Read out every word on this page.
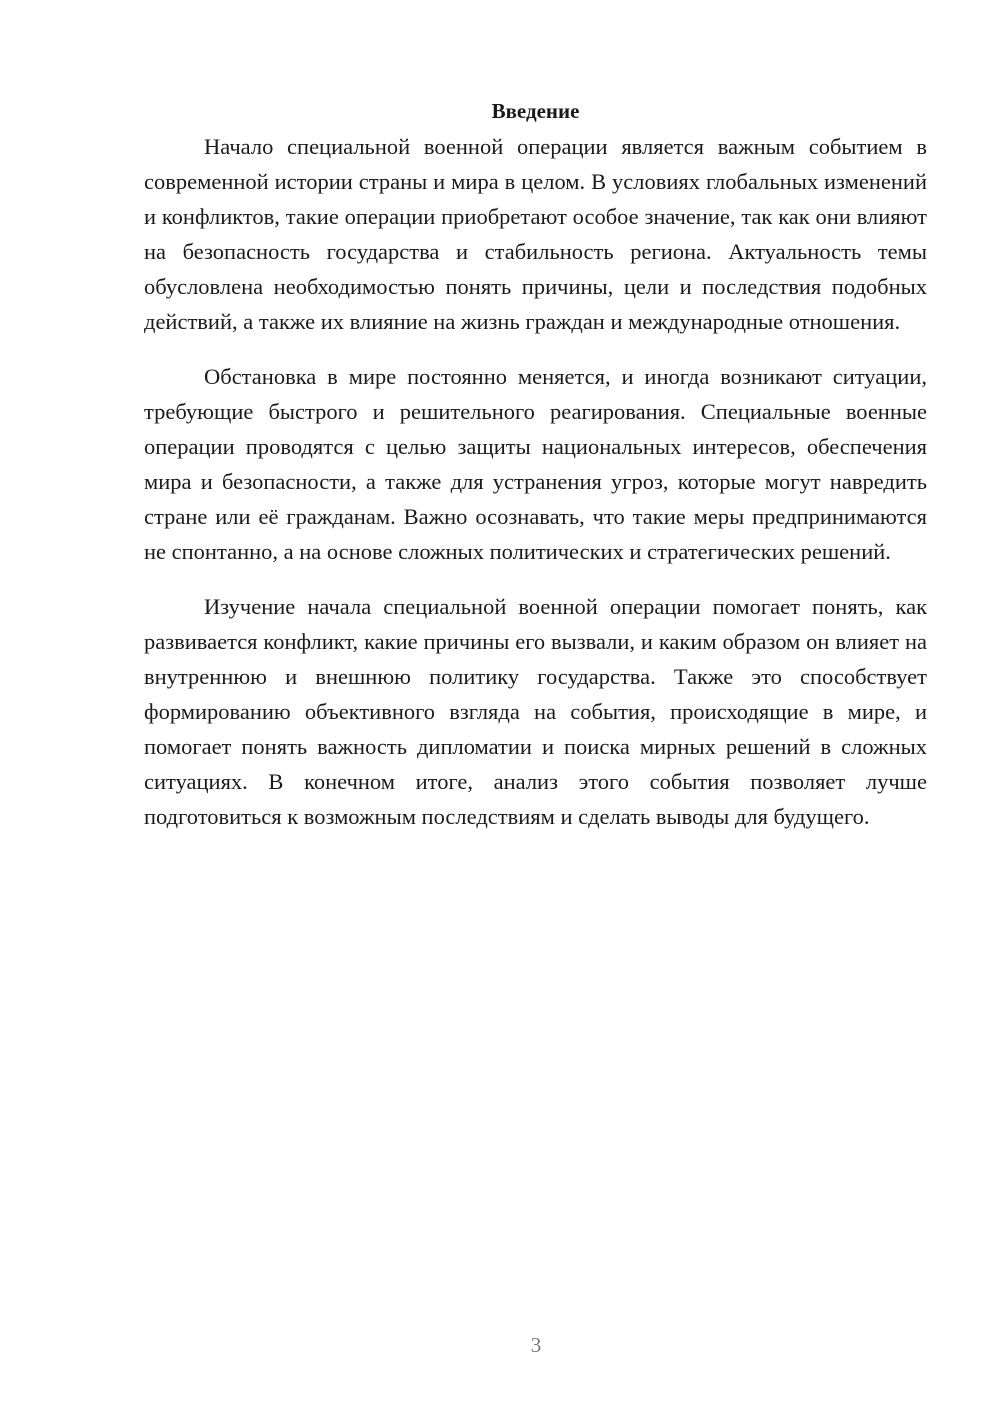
Введение

Начало специальной военной операции является важным событием в современной истории страны и мира в целом. В условиях глобальных изменений и конфликтов, такие операции приобретают особое значение, так как они влияют на безопасность государства и стабильность региона. Актуальность темы обусловлена необходимостью понять причины, цели и последствия подобных действий, а также их влияние на жизнь граждан и международные отношения.

Обстановка в мире постоянно меняется, и иногда возникают ситуации, требующие быстрого и решительного реагирования. Специальные военные операции проводятся с целью защиты национальных интересов, обеспечения мира и безопасности, а также для устранения угроз, которые могут навредить стране или её гражданам. Важно осознавать, что такие меры предпринимаются не спонтанно, а на основе сложных политических и стратегических решений.

Изучение начала специальной военной операции помогает понять, как развивается конфликт, какие причины его вызвали, и каким образом он влияет на внутреннюю и внешнюю политику государства. Также это способствует формированию объективного взгляда на события, происходящие в мире, и помогает понять важность дипломатии и поиска мирных решений в сложных ситуациях. В конечном итоге, анализ этого события позволяет лучше подготовиться к возможным последствиям и сделать выводы для будущего.

3
